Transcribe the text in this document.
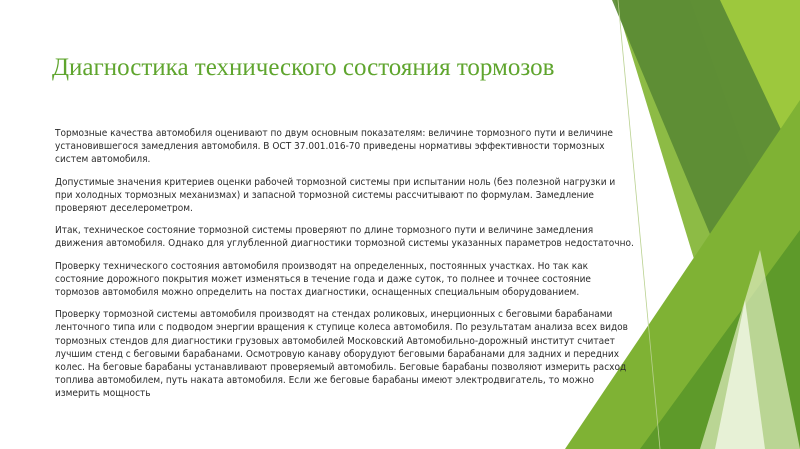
Диагностика технического состояния тормозов

Тормозные качества автомобиля оценивают по двум основным показателям: величине тормозного пути и величине установившегося замедления автомобиля. В ОСТ 37.001.016-70 приведены нормативы эффективности тормозных систем автомобиля.

Допустимые значения критериев оценки рабочей тормозной системы при испытании ноль (без полезной нагрузки и при холодных тормозных механизмах) и запасной тормозной системы рассчитывают по формулам. Замедление проверяют деселерометром.

Итак, техническое состояние тормозной системы проверяют по длине тормозного пути и величине замедления движения автомобиля. Однако для углубленной диагностики тормозной системы указанных параметров недостаточно.

Проверку технического состояния автомобиля производят на определенных, постоянных участках. Но так как состояние дорожного покрытия может изменяться в течение года и даже суток, то полнее и точнее состояние тормозов автомобиля можно определить на постах диагностики, оснащенных специальным оборудованием.

Проверку тормозной системы автомобиля производят на стендах роликовых, инерционных с беговыми барабанами ленточного типа или с подводом энергии вращения к ступице колеса автомобиля. По результатам анализа всех видов тормозных стендов для диагностики грузовых автомобилей Московский Автомобильно-дорожный институт считает лучшим стенд с беговыми барабанами. Осмотровую канаву оборудуют беговыми барабанами для задних и передних колес. На беговые барабаны устанавливают проверяемый автомобиль. Беговые барабаны позволяют измерить расход топлива автомобилем, путь наката автомобиля. Если же беговые барабаны имеют электродвигатель, то можно измерить мощность
